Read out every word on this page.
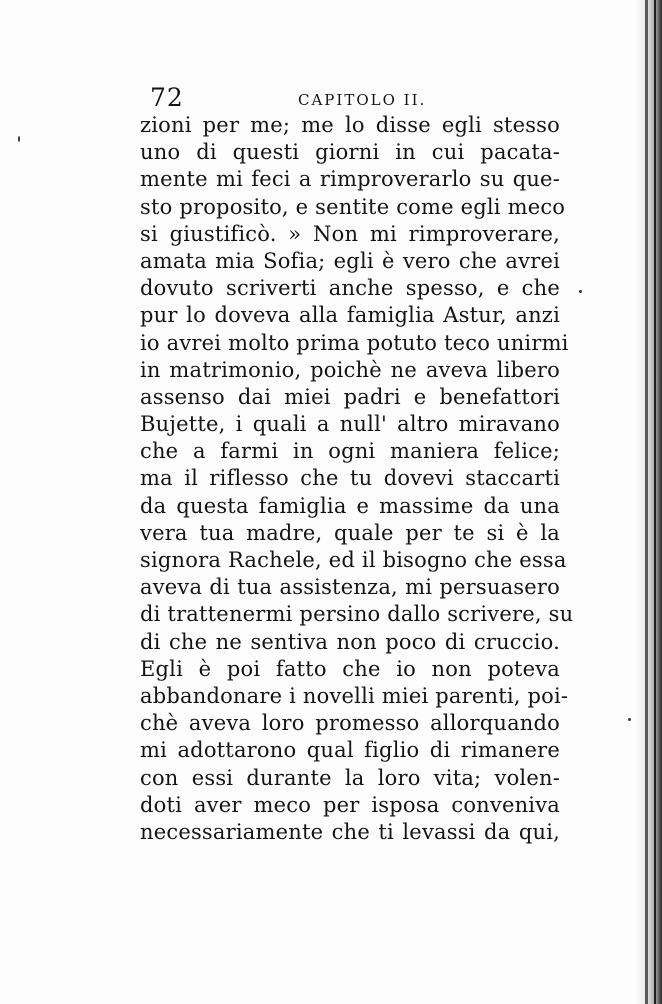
72	CAPITOLO II.
zioni per me; me lo disse egli stesso
uno di questi giorni in cui pacata-
mente mi feci a rimproverarlo su que-
sto proposito, e sentite come egli meco
si giustificò. » Non mi rimproverare,
amata mia Sofia; egli è vero che avrei
dovuto scriverti anche spesso, e che
pur lo doveva alla famiglia Astur, anzi
io avrei molto prima potuto teco unirmi
in matrimonio, poichè ne aveva libero
assenso dai miei padri e benefattori
Bujette, i quali a null' altro miravano
che a farmi in ogni maniera felice;
ma il riflesso che tu dovevi staccarti
da questa famiglia e massime da una
vera tua madre, quale per te si è la
signora Rachele, ed il bisogno che essa
aveva di tua assistenza, mi persuasero
di trattenermi persino dallo scrivere, su
di che ne sentiva non poco di cruccio.
Egli è poi fatto che io non poteva
abbandonare i novelli miei parenti, poi-
chè aveva loro promesso allorquando
mi adottarono qual figlio di rimanere
con essi durante la loro vita; volen-
doti aver meco per isposa conveniva
necessariamente che ti levassi da qui,
